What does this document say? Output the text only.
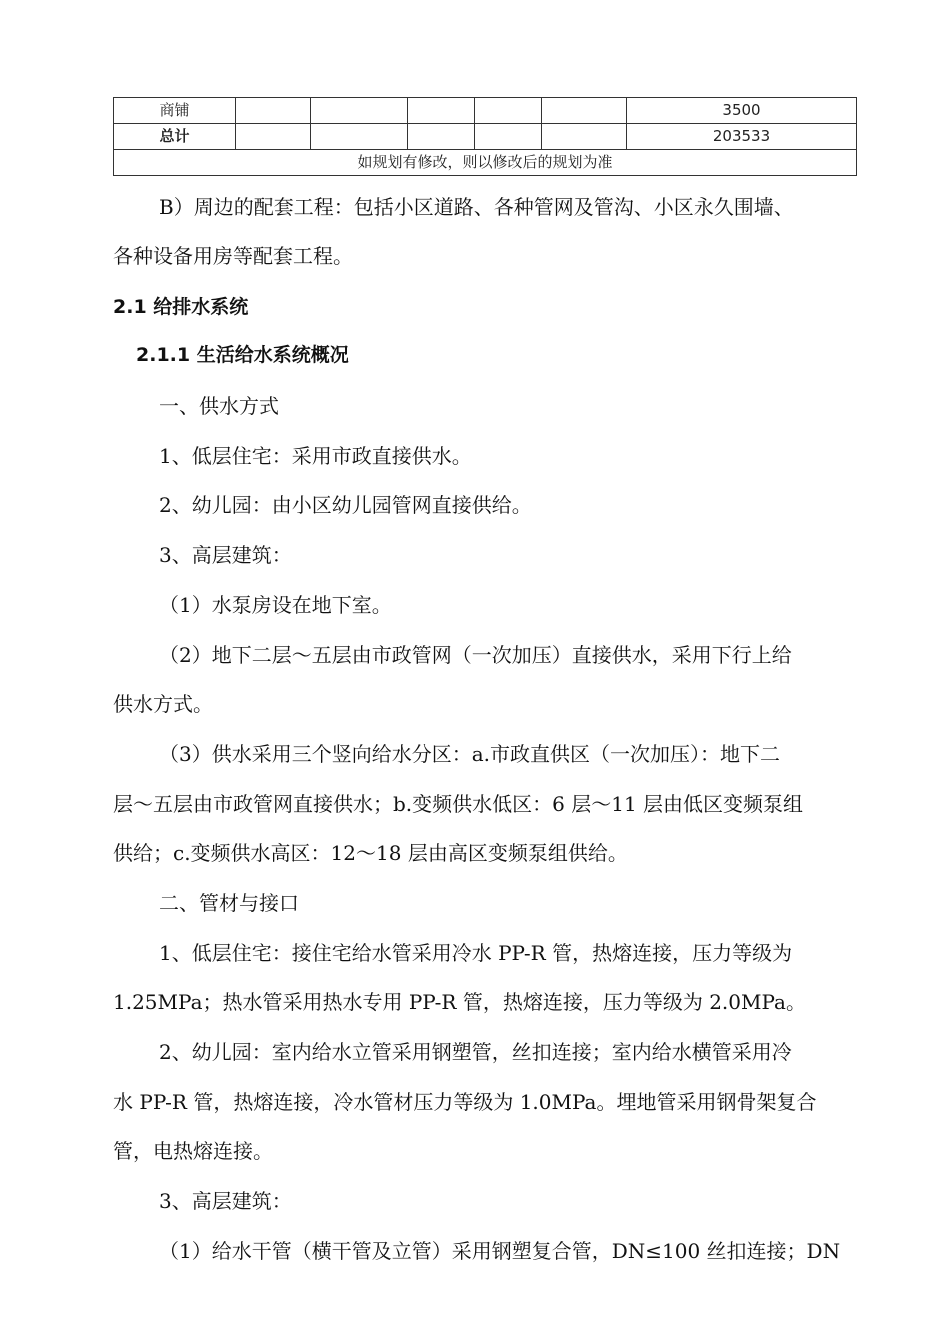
商铺						3500
总计						203533
如规划有修改，则以修改后的规划为准						
B）周边的配套工程：包括小区道路、各种管网及管沟、小区永久围墙、
各种设备用房等配套工程。
2.1 给排水系统
2.1.1 生活给水系统概况
一、供水方式
1、低层住宅：采用市政直接供水。
2、幼儿园：由小区幼儿园管网直接供给。
3、高层建筑：
（1）水泵房设在地下室。
（2）地下二层～五层由市政管网（一次加压）直接供水，采用下行上给
供水方式。
（3）供水采用三个竖向给水分区：a.市政直供区（一次加压）：地下二
层～五层由市政管网直接供水；b.变频供水低区：6 层～11 层由低区变频泵组
供给；c.变频供水高区：12～18 层由高区变频泵组供给。
二、管材与接口
1、低层住宅：接住宅给水管采用冷水 PP-R 管，热熔连接，压力等级为
1.25MPa；热水管采用热水专用 PP-R 管，热熔连接，压力等级为 2.0MPa。
2、幼儿园：室内给水立管采用钢塑管，丝扣连接；室内给水横管采用冷
水 PP-R 管，热熔连接，冷水管材压力等级为 1.0MPa。埋地管采用钢骨架复合
管，电热熔连接。
3、高层建筑：
（1）给水干管（横干管及立管）采用钢塑复合管，DN≤100 丝扣连接；DN
